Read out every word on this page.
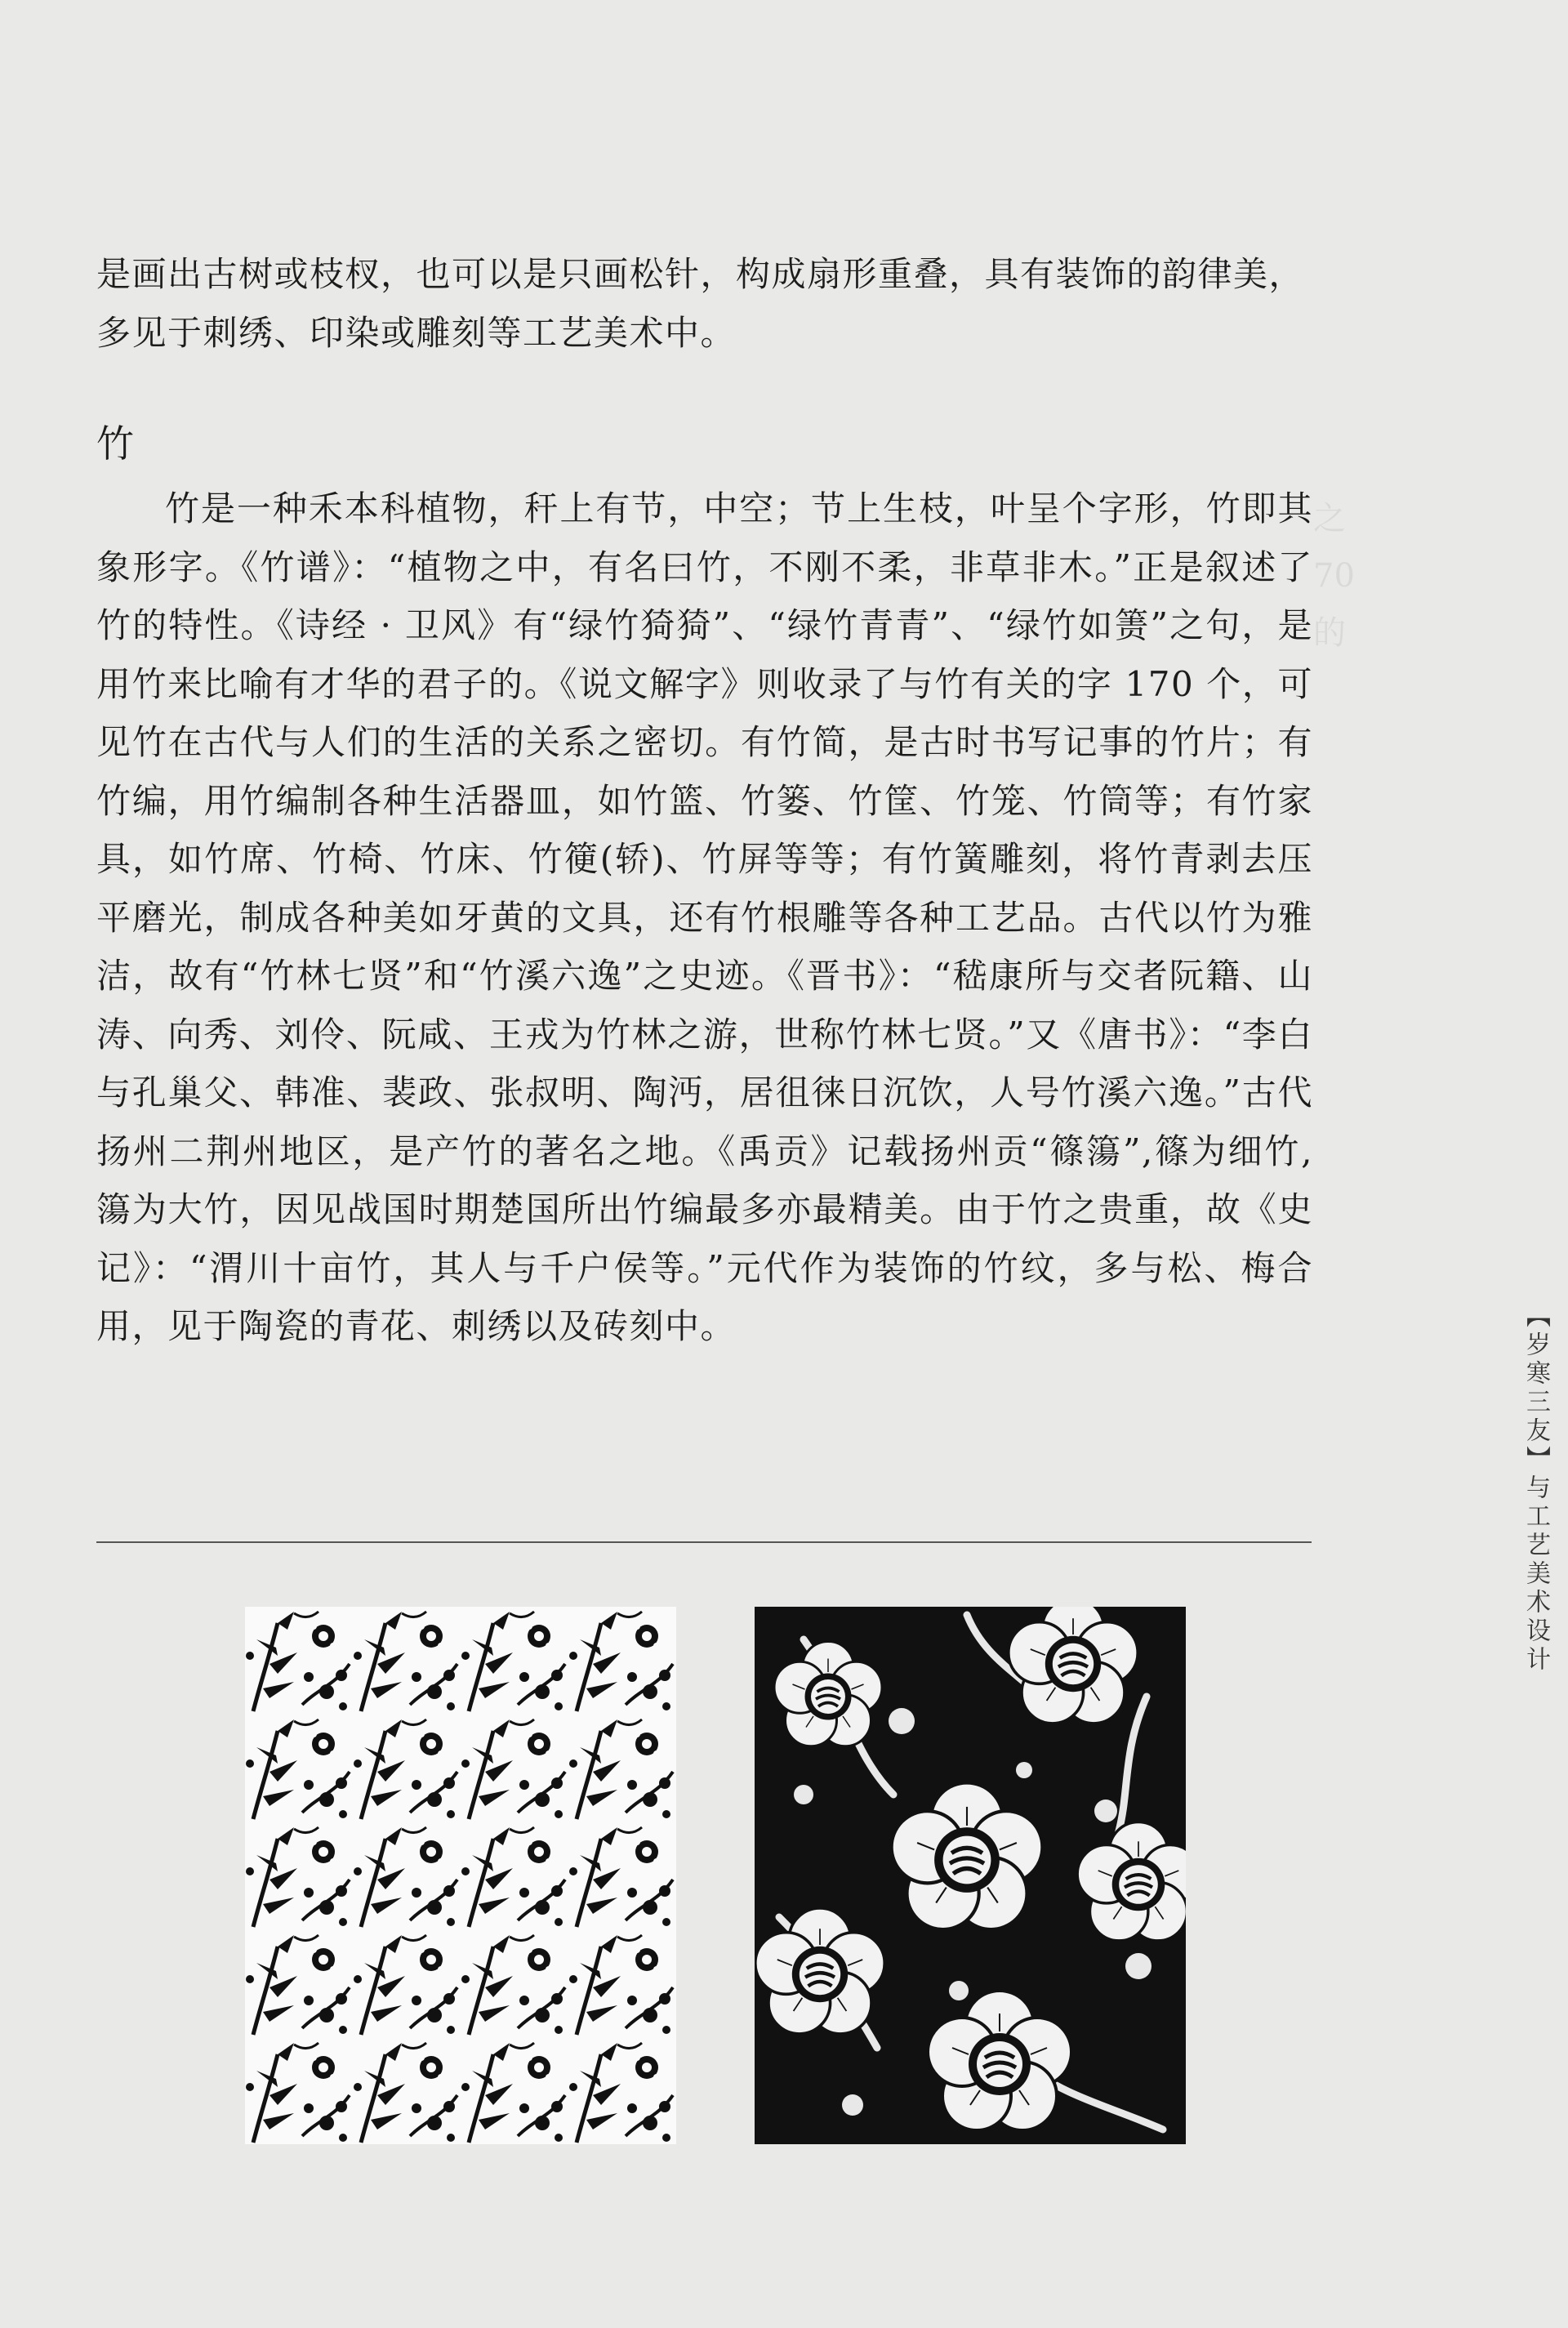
之
70
的

是画出古树或枝杈，也可以是只画松针，构成扇形重叠，具有装饰的韵律美，
多见于刺绣、印染或雕刻等工艺美术中。

竹

竹是一种禾本科植物，秆上有节，中空；节上生枝，叶呈个字形，竹即其象形字。《竹谱》：“植物之中，有名曰竹，不刚不柔，非草非木。”正是叙述了竹的特性。《诗经 · 卫风》有“绿竹猗猗”、“绿竹青青”、“绿竹如箦”之句，是用竹来比喻有才华的君子的。《说文解字》则收录了与竹有关的字 170 个，可见竹在古代与人们的生活的关系之密切。有竹简，是古时书写记事的竹片；有竹编，用竹编制各种生活器皿，如竹篮、竹篓、竹筐、竹笼、竹筒等；有竹家具，如竹席、竹椅、竹床、竹箯(轿)、竹屏等等；有竹簧雕刻，将竹青剥去压平磨光，制成各种美如牙黄的文具，还有竹根雕等各种工艺品。古代以竹为雅洁，故有“竹林七贤”和“竹溪六逸”之史迹。《晋书》：“嵇康所与交者阮籍、山涛、向秀、刘伶、阮咸、王戎为竹林之游，世称竹林七贤。”又《唐书》：“李白与孔巢父、韩准、裴政、张叔明、陶沔，居徂徕日沉饮，人号竹溪六逸。”古代扬州二荆州地区，是产竹的著名之地。《禹贡》记载扬州贡“篠簜”,篠为细竹,簜为大竹，因见战国时期楚国所出竹编最多亦最精美。由于竹之贵重，故《史记》：“渭川十亩竹，其人与千户侯等。”元代作为装饰的竹纹，多与松、梅合用，见于陶瓷的青花、刺绣以及砖刻中。	【岁寒三友】与工艺美术设计
